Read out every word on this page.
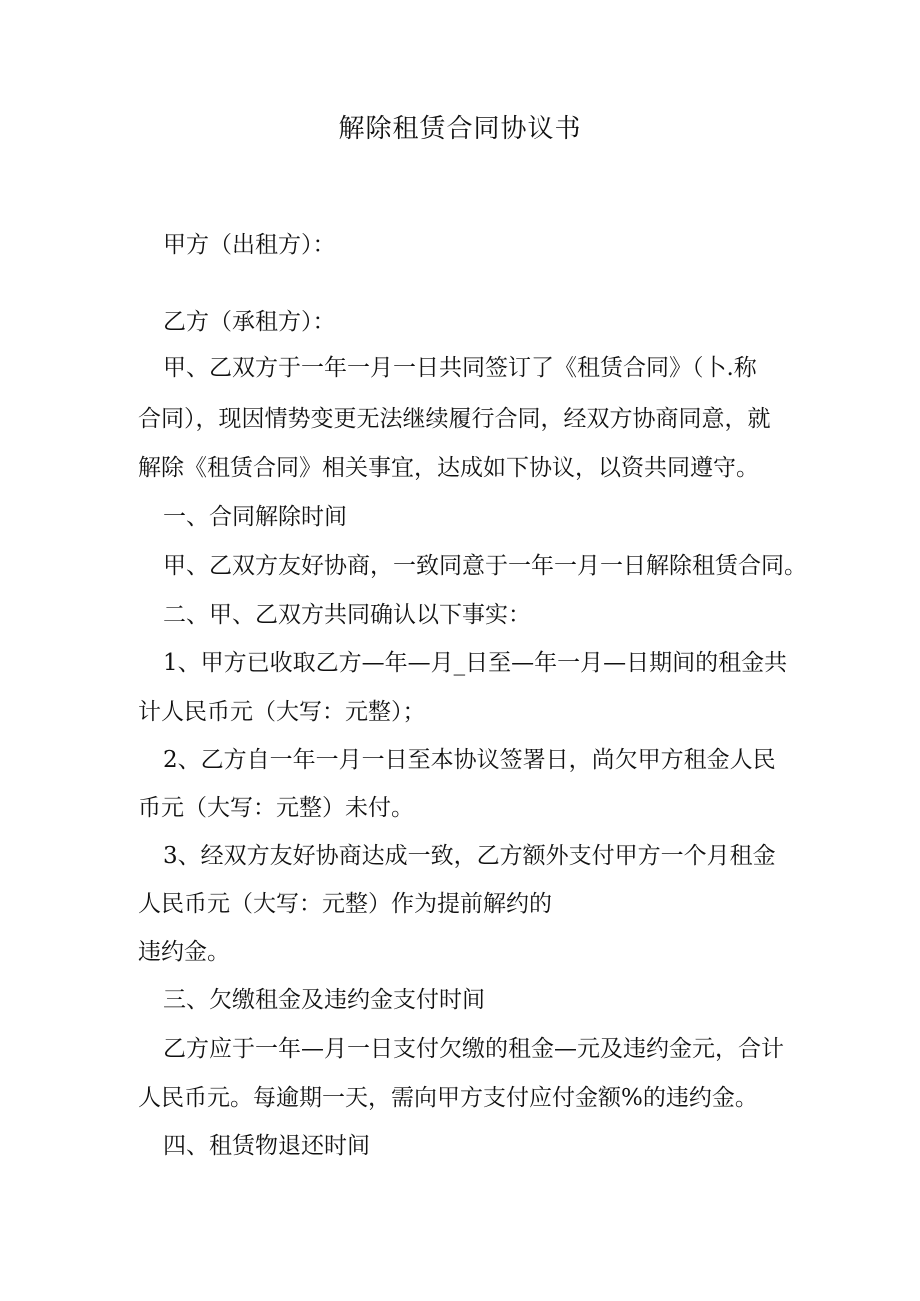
解除租赁合同协议书
甲方（出租方）：
乙方（承租方）：
甲、乙双方于一年一月一日共同签订了《租赁合同》（卜.称
合同），现因情势变更无法继续履行合同，经双方协商同意，就
解除《租赁合同》相关事宜，达成如下协议，以资共同遵守。
一、合同解除时间
甲、乙双方友好协商，一致同意于一年一月一日解除租赁合同。
二、甲、乙双方共同确认以下事实：
1、甲方已收取乙方—年—月_日至—年一月—日期间的租金共
计人民币元（大写：元整）；
2、乙方自一年一月一日至本协议签署日，尚欠甲方租金人民
币元（大写：元整）未付。
3、经双方友好协商达成一致，乙方额外支付甲方一个月租金
人民币元（大写：元整）作为提前解约的
违约金。
三、欠缴租金及违约金支付时间
乙方应于一年—月一日支付欠缴的租金—元及违约金元，合计
人民币元。每逾期一天，需向甲方支付应付金额%的违约金。
四、租赁物退还时间
